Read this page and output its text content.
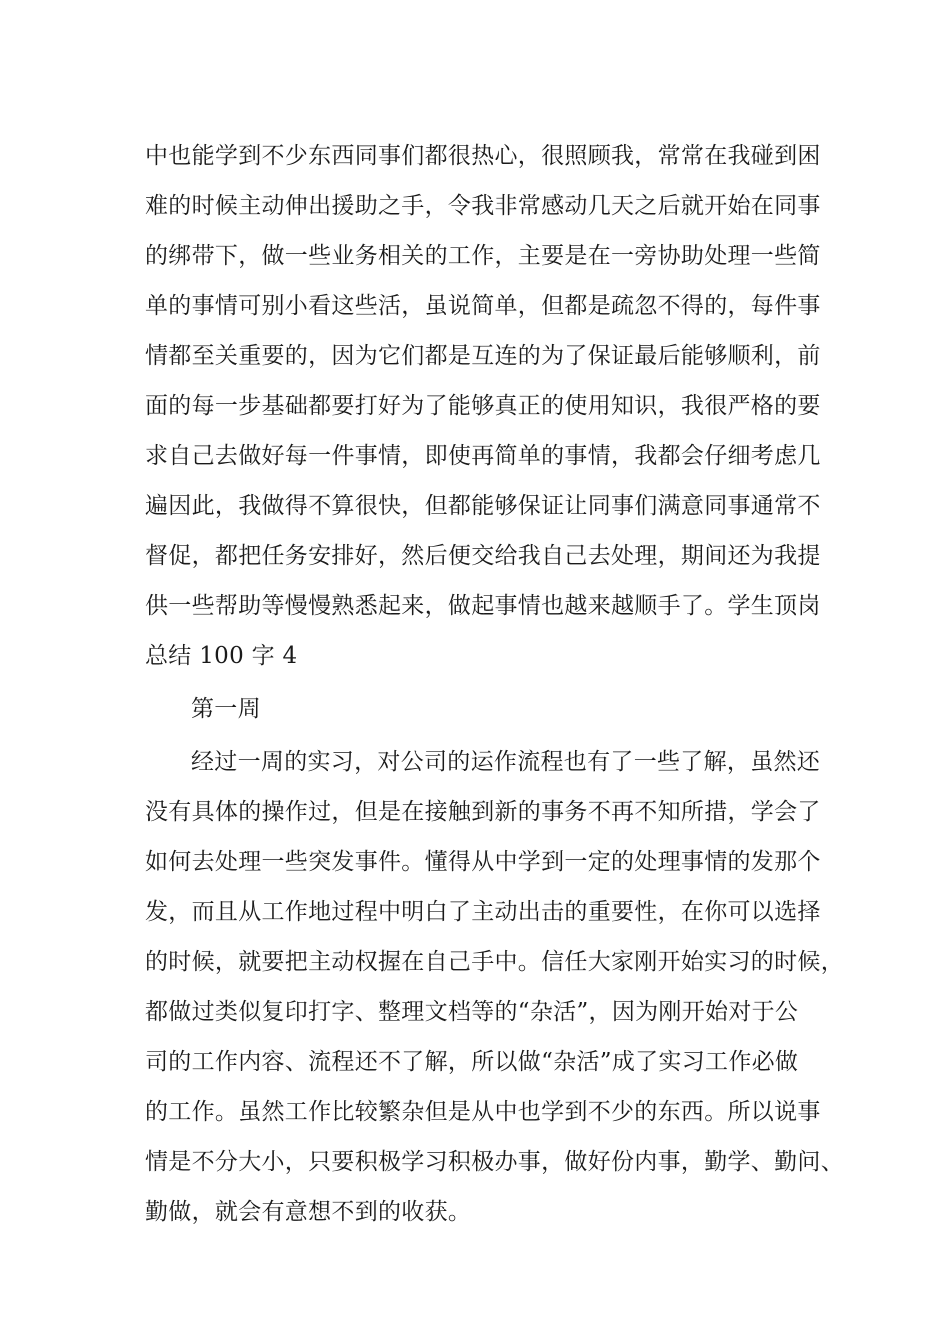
中也能学到不少东西同事们都很热心，很照顾我，常常在我碰到困
难的时候主动伸出援助之手，令我非常感动几天之后就开始在同事
的绑带下，做一些业务相关的工作，主要是在一旁协助处理一些简
单的事情可别小看这些活，虽说简单，但都是疏忽不得的，每件事
情都至关重要的，因为它们都是互连的为了保证最后能够顺利，前
面的每一步基础都要打好为了能够真正的使用知识，我很严格的要
求自己去做好每一件事情，即使再简单的事情，我都会仔细考虑几
遍因此，我做得不算很快，但都能够保证让同事们满意同事通常不
督促，都把任务安排好，然后便交给我自己去处理，期间还为我提
供一些帮助等慢慢熟悉起来，做起事情也越来越顺手了。学生顶岗
总结 100 字 4
第一周
经过一周的实习，对公司的运作流程也有了一些了解，虽然还
没有具体的操作过，但是在接触到新的事务不再不知所措，学会了
如何去处理一些突发事件。懂得从中学到一定的处理事情的发那个
发，而且从工作地过程中明白了主动出击的重要性，在你可以选择
的时候，就要把主动权握在自己手中。信任大家刚开始实习的时候，
都做过类似复印打字、整理文档等的“杂活”，因为刚开始对于公
司的工作内容、流程还不了解，所以做“杂活”成了实习工作必做
的工作。虽然工作比较繁杂但是从中也学到不少的东西。所以说事
情是不分大小，只要积极学习积极办事，做好份内事，勤学、勤问、
勤做，就会有意想不到的收获。
